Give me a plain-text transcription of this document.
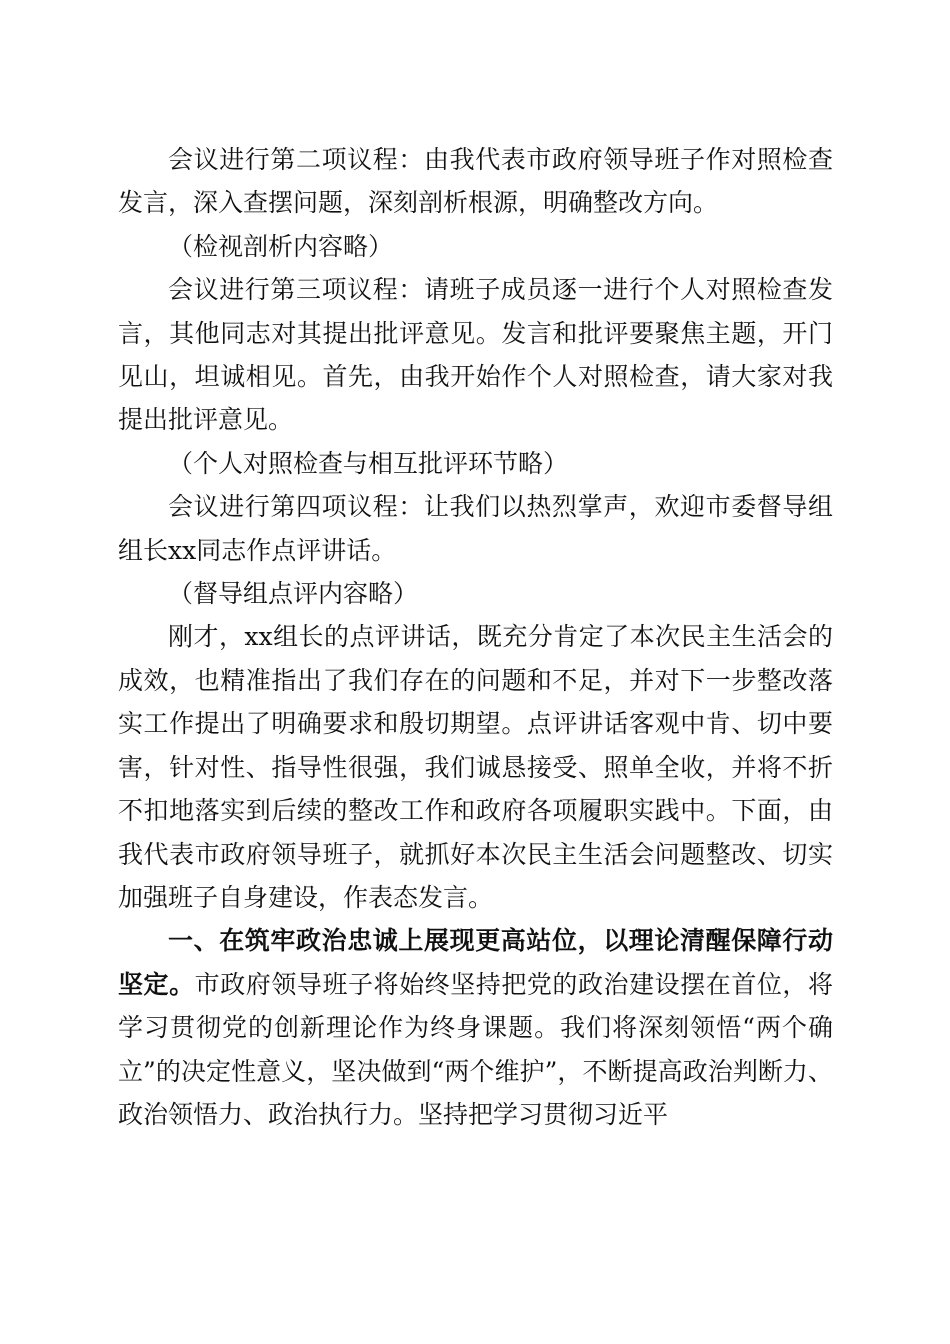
会议进行第二项议程：由我代表市政府领导班子作对照检查发言，深入查摆问题，深刻剖析根源，明确整改方向。

（检视剖析内容略）

会议进行第三项议程：请班子成员逐一进行个人对照检查发言，其他同志对其提出批评意见。发言和批评要聚焦主题，开门见山，坦诚相见。首先，由我开始作个人对照检查，请大家对我提出批评意见。

（个人对照检查与相互批评环节略）

会议进行第四项议程：让我们以热烈掌声，欢迎市委督导组组长xx同志作点评讲话。

（督导组点评内容略）

刚才，xx组长的点评讲话，既充分肯定了本次民主生活会的成效，也精准指出了我们存在的问题和不足，并对下一步整改落实工作提出了明确要求和殷切期望。点评讲话客观中肯、切中要害，针对性、指导性很强，我们诚恳接受、照单全收，并将不折不扣地落实到后续的整改工作和政府各项履职实践中。下面，由我代表市政府领导班子，就抓好本次民主生活会问题整改、切实加强班子自身建设，作表态发言。

一、在筑牢政治忠诚上展现更高站位，以理论清醒保障行动坚定。市政府领导班子将始终坚持把党的政治建设摆在首位，将学习贯彻党的创新理论作为终身课题。我们将深刻领悟“两个确立”的决定性意义，坚决做到“两个维护”，不断提高政治判断力、政治领悟力、政治执行力。坚持把学习贯彻习近平
